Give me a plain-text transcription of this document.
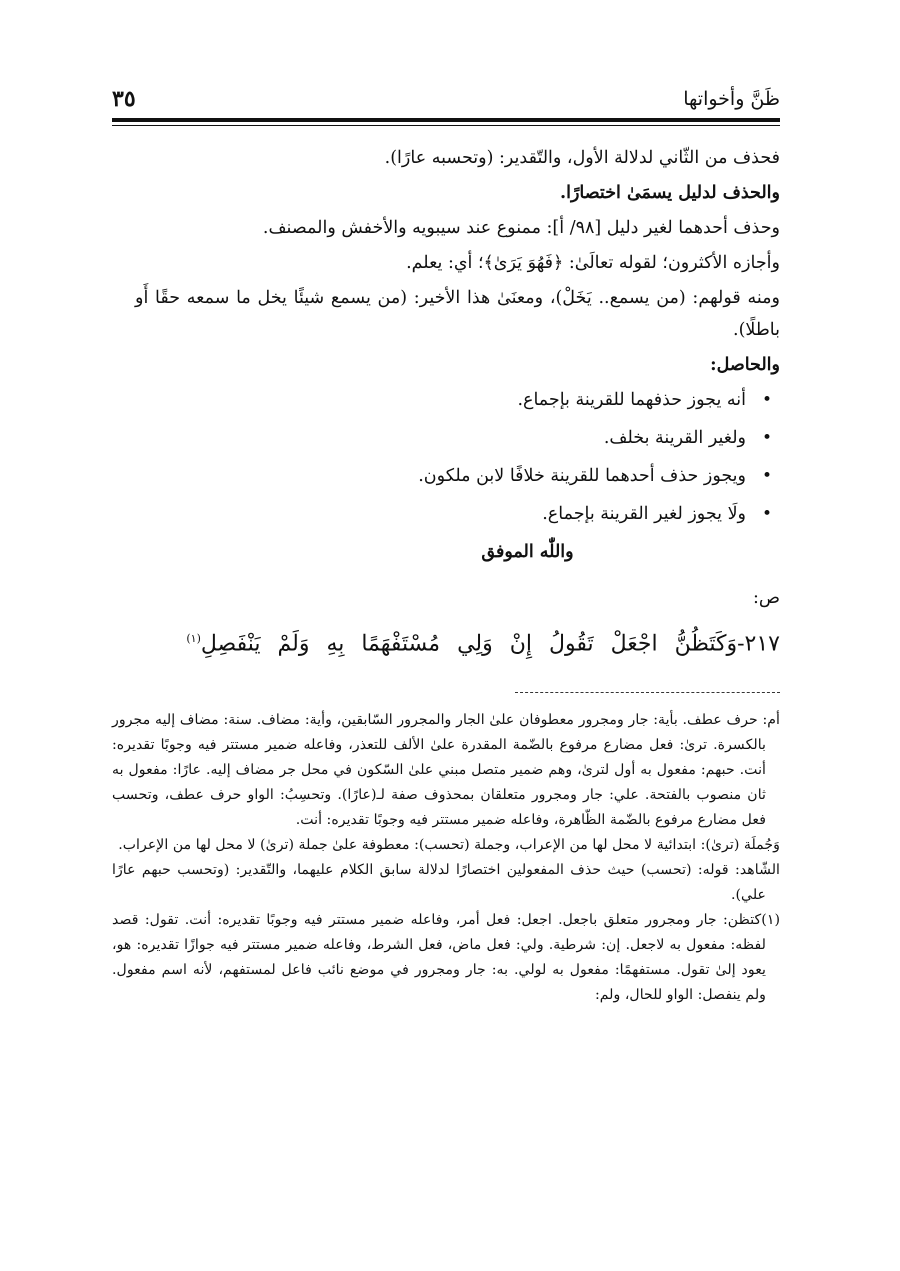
ظَنَّ وأخواتها
٣٥

فحذف من الثّاني لدلالة الأول، والتّقدير: (وتحسبه عارًا).

والحذف لدليل يسمَىٰ اختصارًا.

وحذف أحدهما لغير دليل [٩٨/ أ]: ممنوع عند سيبويه والأخفش والمصنف.

وأجازه الأكثرون؛ لقوله تعالَىٰ: ﴿فَهُوَ يَرَىٰ﴾؛ أي: يعلم.

ومنه قولهم: (من يسمع.. يَخَلْ)، ومعنَىٰ هذا الأخير: (من يسمع شيئًا يخل ما سمعه حقًا أَو باطلًا).

والحاصل:

• أنه يجوز حذفهما للقرينة بإجماع.
• ولغير القرينة بخلف.
• ويجوز حذف أحدهما للقرينة خلافًا لابن ملكون.
• ولَا يجوز لغير القرينة بإجماع.

واللّٰه الموفق

ص:

٢١٧-وَكَتَظُنُّ اجْعَلْ تَقُولُ إِنْ وَلِي مُسْتَفْهَمًا بِهِ وَلَمْ يَنْفَصِلِ$^{(١)}$

أم: حرف عطف. بأية: جار ومجرور معطوفان علىٰ الجار والمجرور السّابقين، وأية: مضاف. سنة: مضاف إليه مجرور بالكسرة. ترىٰ: فعل مضارع مرفوع بالضّمة المقدرة علىٰ الألف للتعذر، وفاعله ضمير مستتر فيه وجوبًا تقديره: أنت. حبهم: مفعول به أول لترىٰ، وهم ضمير متصل مبني علىٰ السّكون في محل جر مضاف إليه. عارًا: مفعول به ثان منصوب بالفتحة. علي: جار ومجرور متعلقان بمحذوف صفة لـ(عارًا). وتحسِبُ: الواو حرف عطف، وتحسب فعل مضارع مرفوع بالضّمة الظّاهرة، وفاعله ضمير مستتر فيه وجوبًا تقديره: أنت.

وَجُملَة (ترىٰ): ابتدائية لا محل لها من الإعراب، وجملة (تحسب): معطوفة علىٰ جملة (ترىٰ) لا محل لها من الإعراب.

الشّاهد: قوله: (تحسب) حيث حذف المفعولين اختصارًا لدلالة سابق الكلام عليهما، والتّقدير: (وتحسب حبهم عارًا علي).

(١)كتظن: جار ومجرور متعلق باجعل. اجعل: فعل أمر، وفاعله ضمير مستتر فيه وجوبًا تقديره: أنت. تقول: قصد لفظه: مفعول به لاجعل. إن: شرطية. ولي: فعل ماض، فعل الشرط، وفاعله ضمير مستتر فيه جوازًا تقديره: هو، يعود إلىٰ تقول. مستفهمًا: مفعول به لولي. به: جار ومجرور في موضع نائب فاعل لمستفهم، لأنه اسم مفعول. ولم ينفصل: الواو للحال، ولم:
